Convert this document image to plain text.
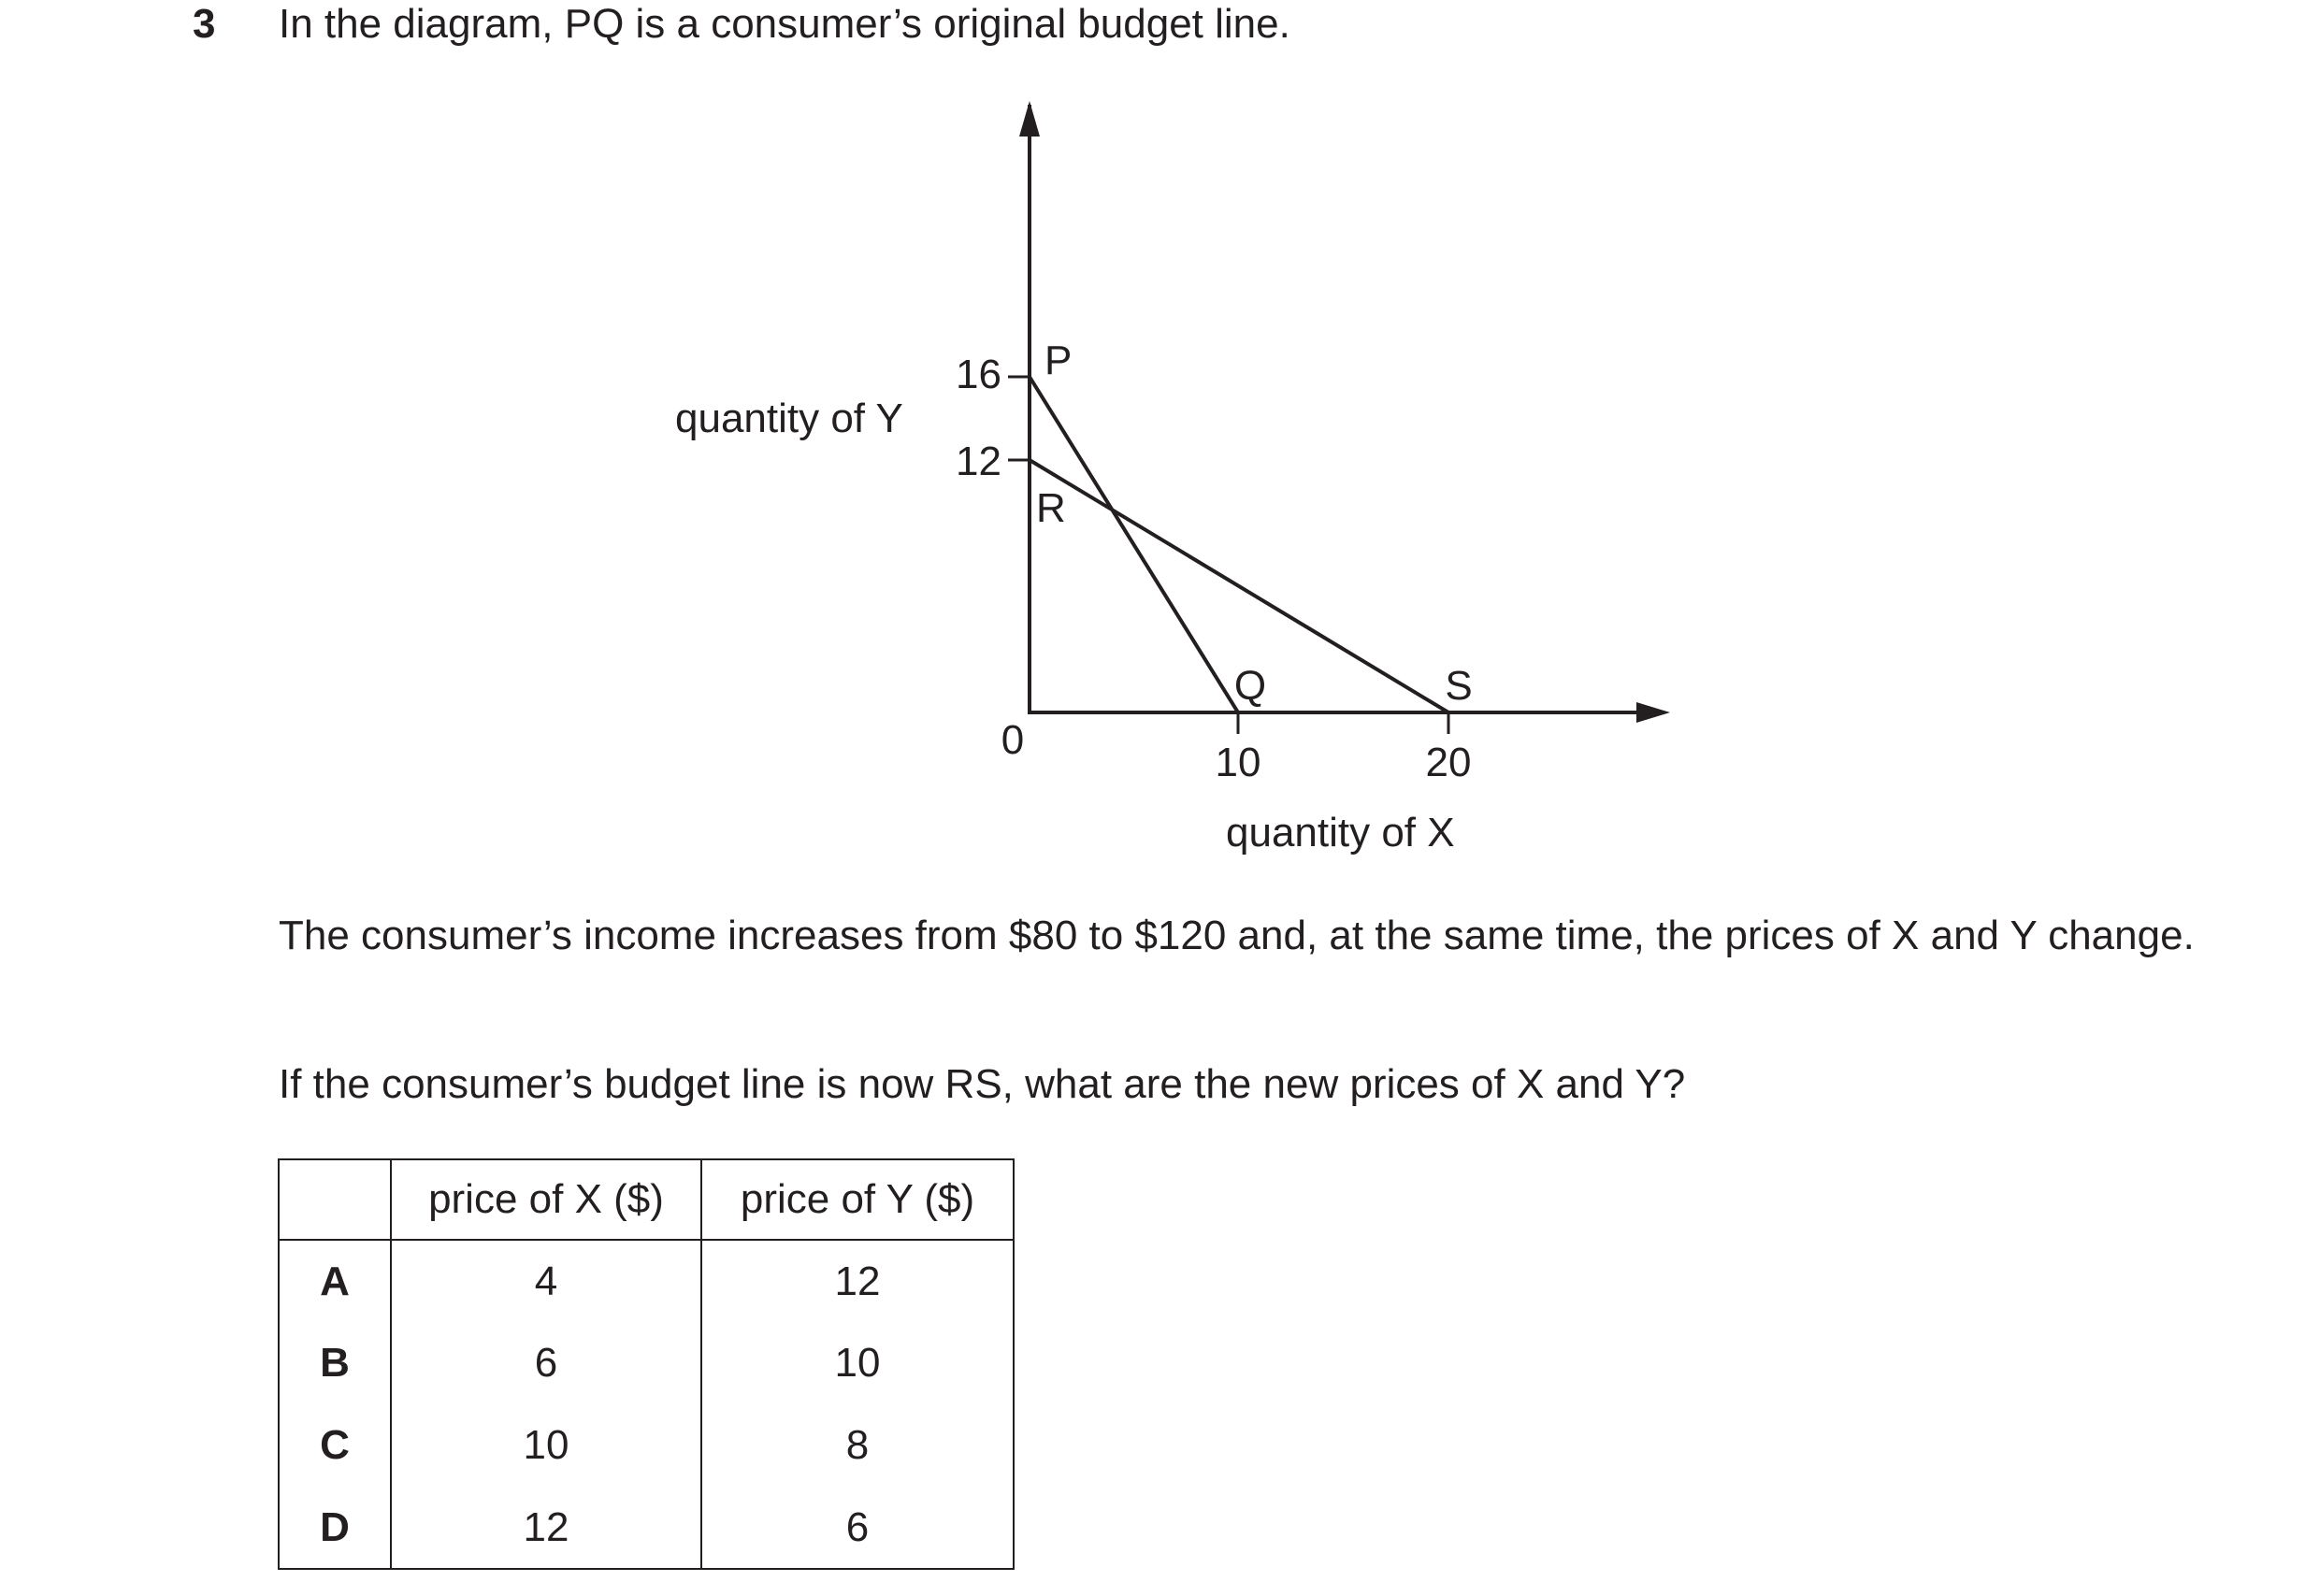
3 In the diagram, PQ is a consumer’s original budget line.

16
12
10	20
0
P
R
Q	S
quantity of Y
quantity of X

The consumer’s income increases from $80 to $120 and, at the same time, the prices of X and Y change.

If the consumer’s budget line is now RS, what are the new prices of X and Y?

	price of X ($)	price of Y ($)
A	4	12
B	6	10
C	10	8
D	12	6
